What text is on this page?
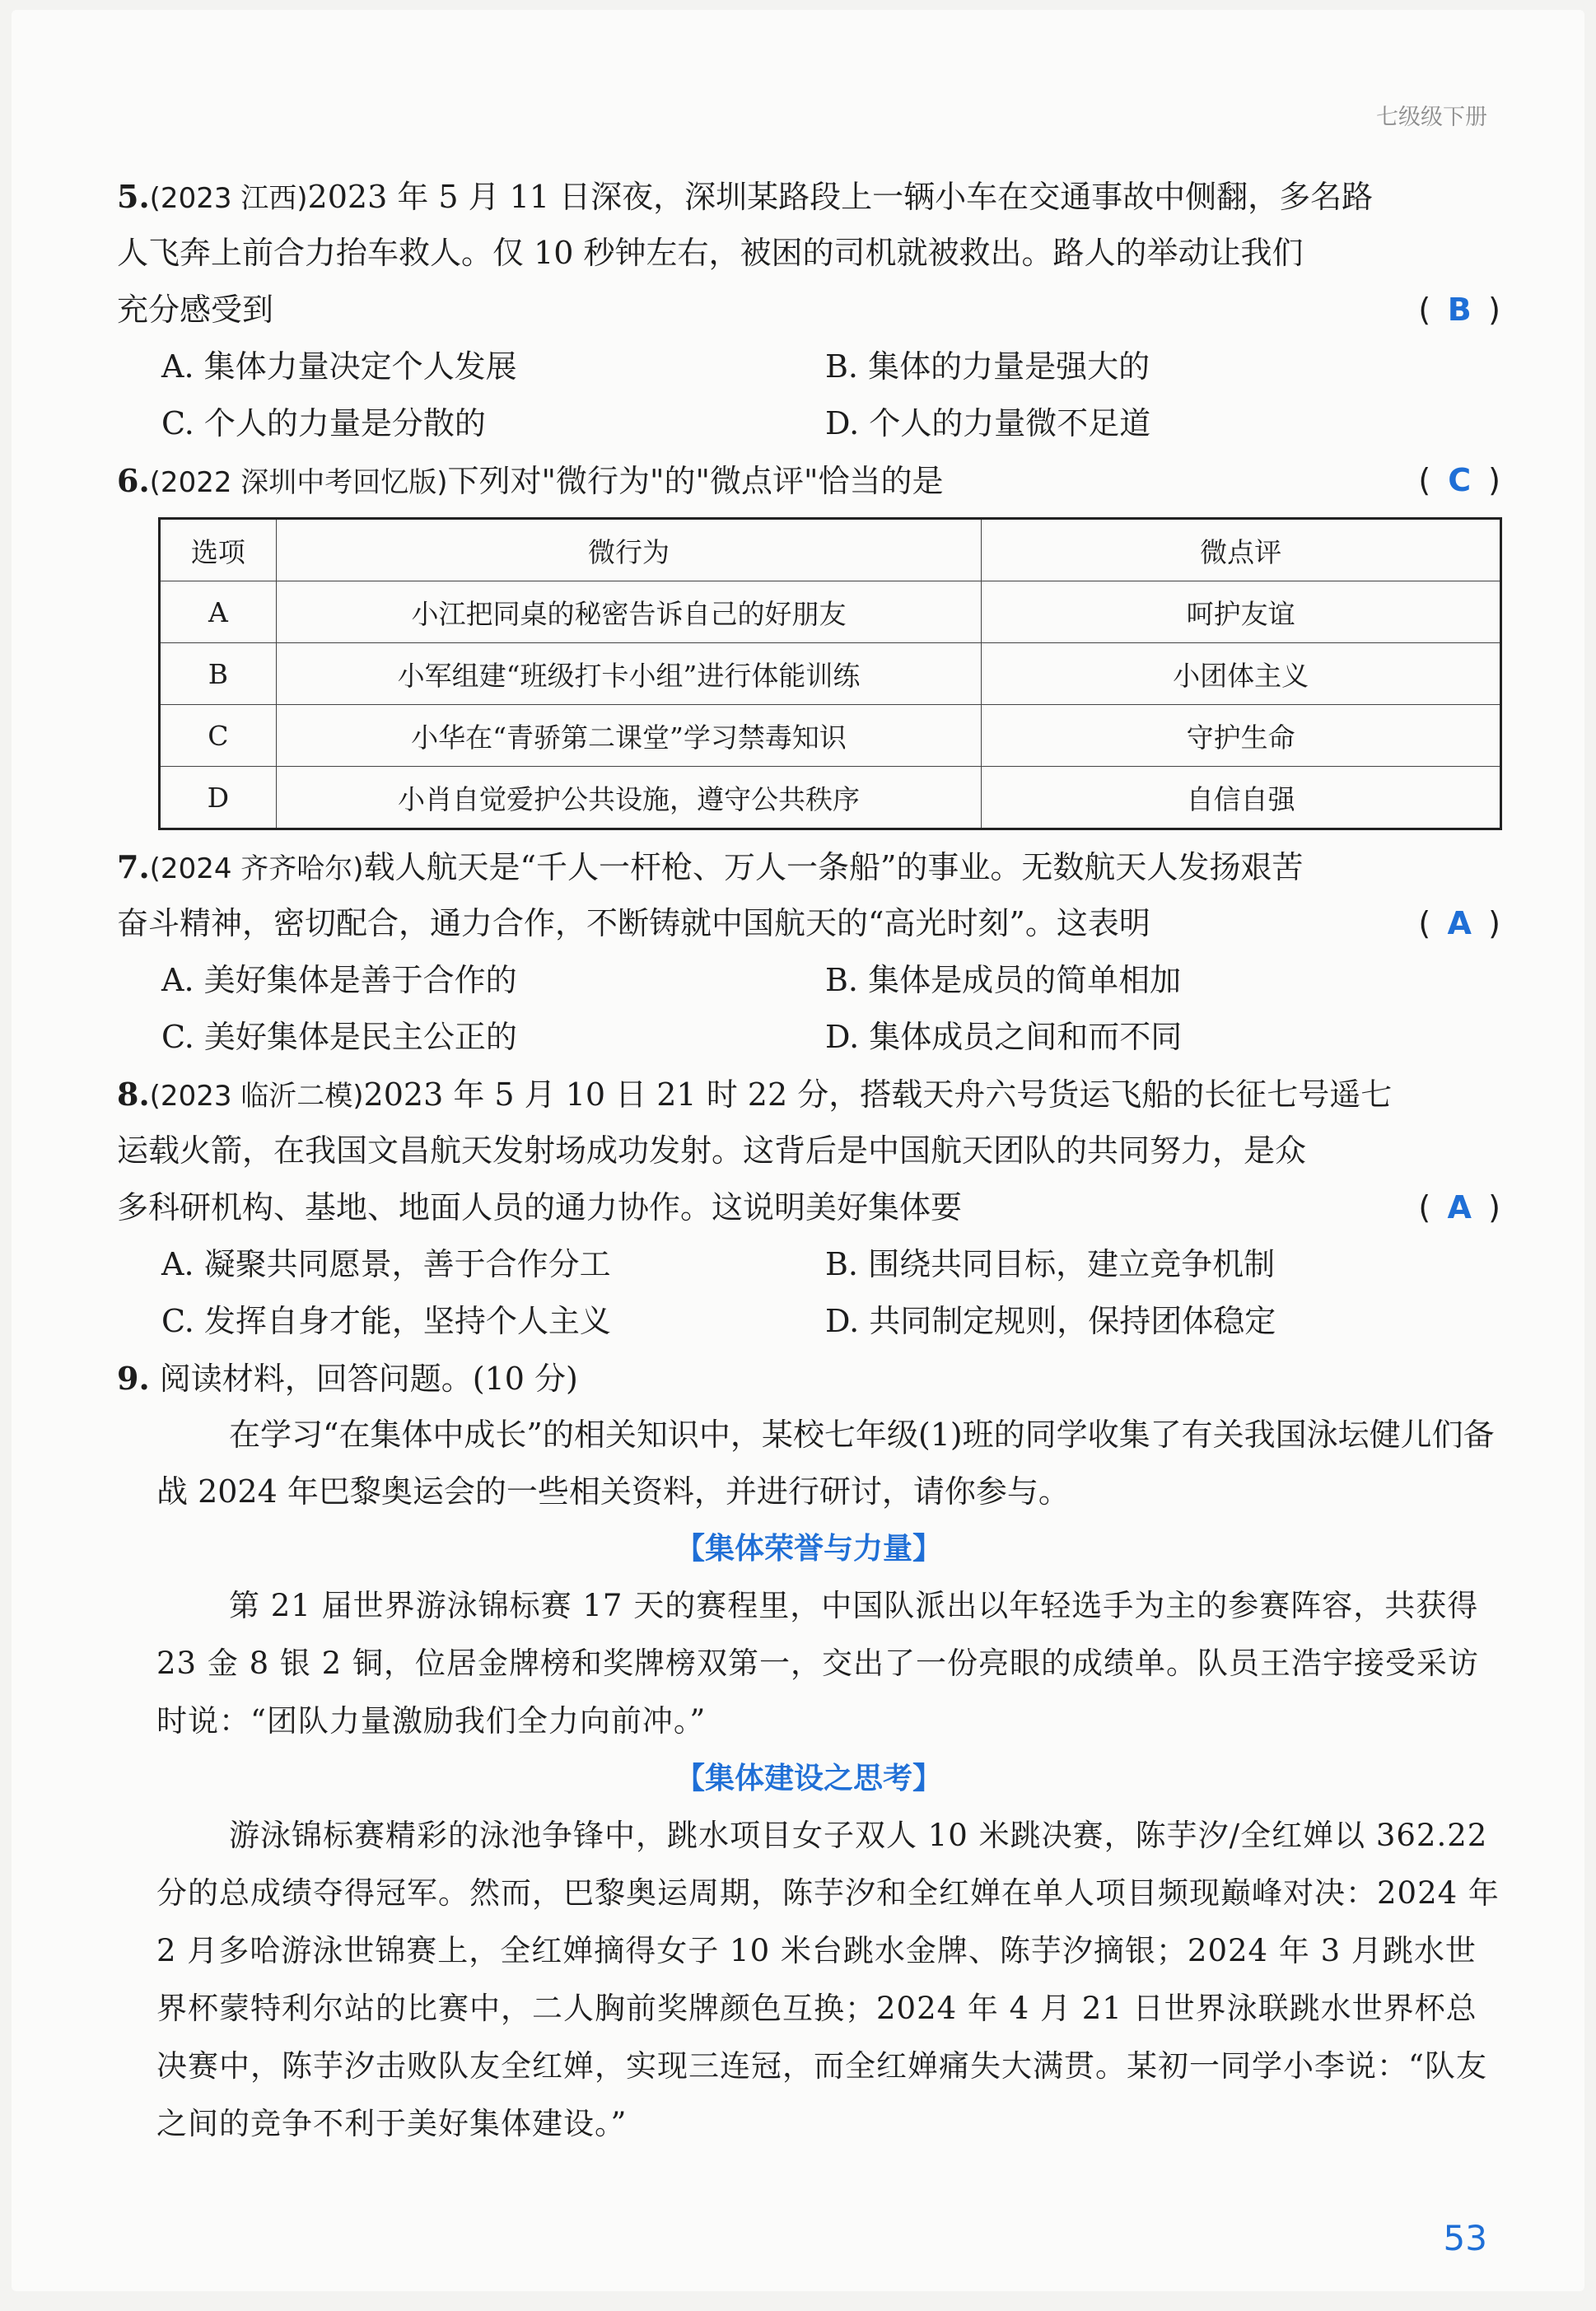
七级级下册
5.(2023 江西)2023 年 5 月 11 日深夜，深圳某路段上一辆小车在交通事故中侧翻，多名路
人飞奔上前合力抬车救人。仅 10 秒钟左右，被困的司机就被救出。路人的举动让我们
充分感受到	( B )
A. 集体力量决定个人发展	B. 集体的力量是强大的
C. 个人的力量是分散的	D. 个人的力量微不足道
6.(2022 深圳中考回忆版)下列对"微行为"的"微点评"恰当的是	( C )
选项	微行为	微点评
A	小江把同桌的秘密告诉自己的好朋友	呵护友谊
B	小军组建“班级打卡小组”进行体能训练	小团体主义
C	小华在“青骄第二课堂”学习禁毒知识	守护生命
D	小肖自觉爱护公共设施，遵守公共秩序	自信自强
7.(2024 齐齐哈尔)载人航天是“千人一杆枪、万人一条船”的事业。无数航天人发扬艰苦
奋斗精神，密切配合，通力合作，不断铸就中国航天的“高光时刻”。这表明	( A )
A. 美好集体是善于合作的	B. 集体是成员的简单相加
C. 美好集体是民主公正的	D. 集体成员之间和而不同
8.(2023 临沂二模)2023 年 5 月 10 日 21 时 22 分，搭载天舟六号货运飞船的长征七号遥七
运载火箭，在我国文昌航天发射场成功发射。这背后是中国航天团队的共同努力，是众
多科研机构、基地、地面人员的通力协作。这说明美好集体要	( A )
A. 凝聚共同愿景，善于合作分工	B. 围绕共同目标，建立竞争机制
C. 发挥自身才能，坚持个人主义	D. 共同制定规则，保持团体稳定
9. 阅读材料，回答问题。(10 分)
在学习“在集体中成长”的相关知识中，某校七年级(1)班的同学收集了有关我国泳坛健儿们备战 2024 年巴黎奥运会的一些相关资料，并进行研讨，请你参与。
【集体荣誉与力量】
第 21 届世界游泳锦标赛 17 天的赛程里，中国队派出以年轻选手为主的参赛阵容，共获得 23 金 8 银 2 铜，位居金牌榜和奖牌榜双第一，交出了一份亮眼的成绩单。队员王浩宇接受采访时说：“团队力量激励我们全力向前冲。”
【集体建设之思考】
游泳锦标赛精彩的泳池争锋中，跳水项目女子双人 10 米跳决赛，陈芋汐/全红婵以 362.22 分的总成绩夺得冠军。然而，巴黎奥运周期，陈芋汐和全红婵在单人项目频现巅峰对决：2024 年 2 月多哈游泳世锦赛上，全红婵摘得女子 10 米台跳水金牌、陈芋汐摘银；2024 年 3 月跳水世界杯蒙特利尔站的比赛中，二人胸前奖牌颜色互换；2024 年 4 月 21 日世界泳联跳水世界杯总决赛中，陈芋汐击败队友全红婵，实现三连冠，而全红婵痛失大满贯。某初一同学小李说：“队友之间的竞争不利于美好集体建设。”
53
